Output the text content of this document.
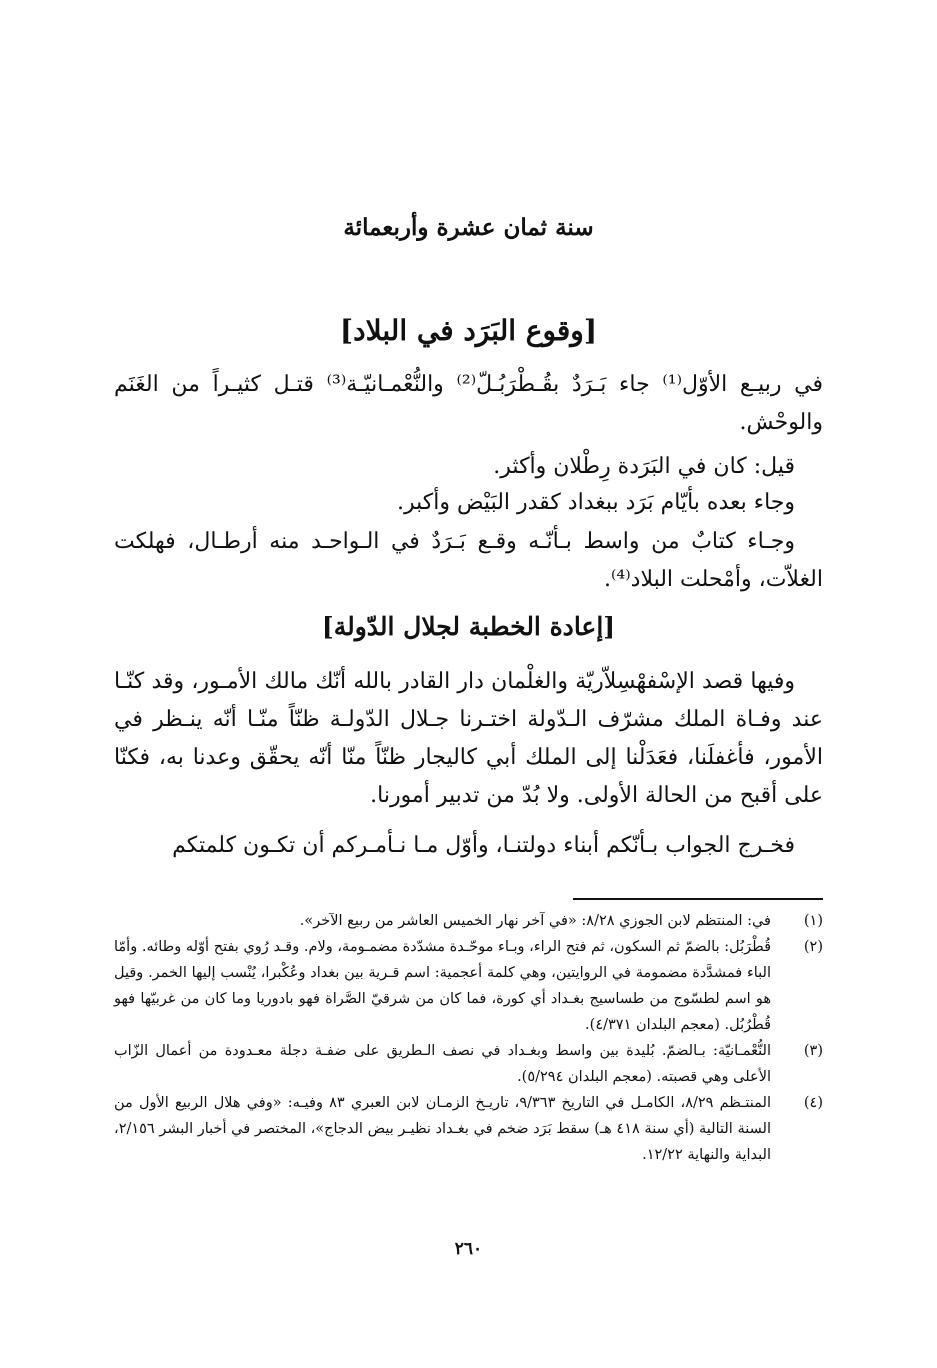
سنة ثمان عشرة وأربعمائة
[وقوع البَرَد في البلاد]

في ربيـع الأوّل⁽¹⁾ جاء بَـرَدٌ بقُـطْرَبُـلّ⁽²⁾ والنُّعْمـانيّـة⁽³⁾ قتـل كثيـراً من الغَنَم والوحْش.

قيل: كان في البَرَدة رِطْلان وأكثر.

وجاء بعده بأيّام بَرَد ببغداد كقدر البَيْض وأكبر.

وجـاء كتابٌ من واسط بـأنّـه وقـع بَـرَدٌ في الـواحـد منه أرطـال، فهلكت الغلاّت، وأمْحلت البلاد⁽⁴⁾.

[إعادة الخطبة لجلال الدّولة]

وفيها قصد الإسْفهْسِلاّريّة والغلْمان دار القادر بالله أنّك مالك الأمـور، وقد كنّـا عند وفـاة الملك مشرّف الـدّولة اختـرنا جـلال الدّولـة ظنّاً منّـا أنّه ينـظر في الأمور، فأغفلَنا، فعَدَلْنا إلى الملك أبي كاليجار ظنّاً منّا أنّه يحقّق وعدنا به، فكنّا على أقبح من الحالة الأولى. ولا بُدّ من تدبير أمورنا.

فخـرج الجواب بـأنّكم أبناء دولتنـا، وأوّل مـا نـأمـركم أن تكـون كلمتكم

(١)
في: المنتظم لابن الجوزي ٨/٢٨: «في آخر نهار الخميس العاشر من ربيع الآخر».
(٢)
قُطْرَبُل: بالضمّ ثم السكون، ثم فتح الراء، وبـاء موحّـدة مشدّدة مضمـومة، ولام. وقـد رُوي بفتح أوّله وطائه. وأمّا الباء فمشدَّدة مضمومة في الروايتين، وهي كلمة أعجمية: اسم قـرية بين بغداد وعُكْبرا، يُنْسب إليها الخمر. وقيل هو اسم لطسّوج من طساسيج بغـداد أي كورة، فما كان من شرقيّ الصَّراة فهو بادوريا وما كان من غربيّها فهو قُطْرُبُل. (معجم البلدان ٤/٣٧١).
(٣)
النُّعْمـانيّة: بـالضمّ. بُليدة بين واسط وبغـداد في نصف الـطريق على ضفـة دجلة معـدودة من أعمال الزّاب الأعلى وهي قصبته. (معجم البلدان ٥/٢٩٤).
(٤)
المنتـظم ٨/٢٩، الكامـل في التاريخ ٩/٣٦٣، تاريـخ الزمـان لابن العبري ٨٣ وفيـه: «وفي هلال الربيع الأول من السنة التالية (أي سنة ٤١٨ هـ) سقط بَرَد ضخم في بغـداد نظيـر بيض الدجاج»، المختصر في أخبار البشر ٢/١٥٦، البداية والنهاية ١٢/٢٢.

٢٦٠
